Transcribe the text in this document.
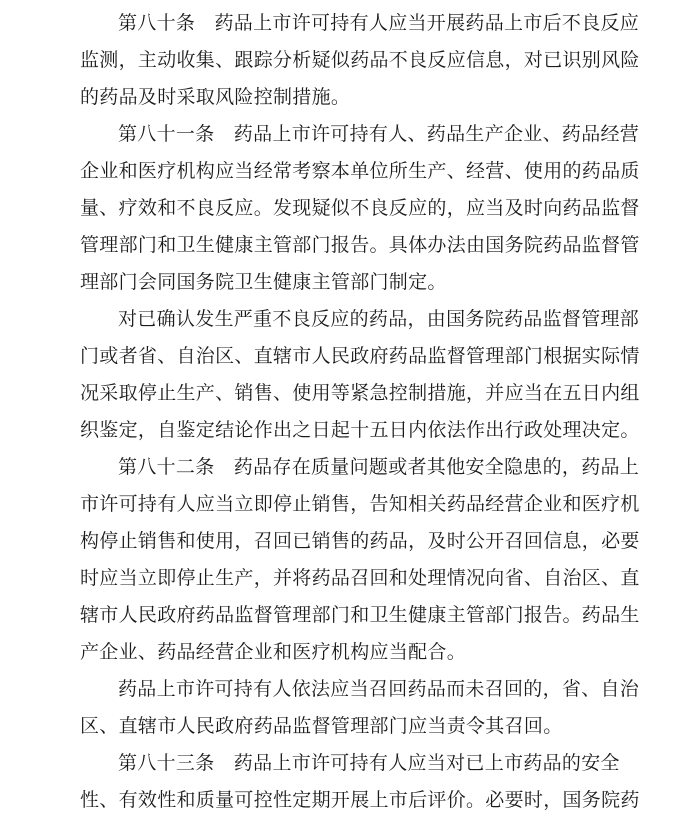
第八十条　药品上市许可持有人应当开展药品上市后不良反应
监测，主动收集、跟踪分析疑似药品不良反应信息，对已识别风险
的药品及时采取风险控制措施。
第八十一条　药品上市许可持有人、药品生产企业、药品经营
企业和医疗机构应当经常考察本单位所生产、经营、使用的药品质
量、疗效和不良反应。发现疑似不良反应的，应当及时向药品监督
管理部门和卫生健康主管部门报告。具体办法由国务院药品监督管
理部门会同国务院卫生健康主管部门制定。
对已确认发生严重不良反应的药品，由国务院药品监督管理部
门或者省、自治区、直辖市人民政府药品监督管理部门根据实际情
况采取停止生产、销售、使用等紧急控制措施，并应当在五日内组
织鉴定，自鉴定结论作出之日起十五日内依法作出行政处理决定。
第八十二条　药品存在质量问题或者其他安全隐患的，药品上
市许可持有人应当立即停止销售，告知相关药品经营企业和医疗机
构停止销售和使用，召回已销售的药品，及时公开召回信息，必要
时应当立即停止生产，并将药品召回和处理情况向省、自治区、直
辖市人民政府药品监督管理部门和卫生健康主管部门报告。药品生
产企业、药品经营企业和医疗机构应当配合。
药品上市许可持有人依法应当召回药品而未召回的，省、自治
区、直辖市人民政府药品监督管理部门应当责令其召回。
第八十三条　药品上市许可持有人应当对已上市药品的安全
性、有效性和质量可控性定期开展上市后评价。必要时，国务院药
